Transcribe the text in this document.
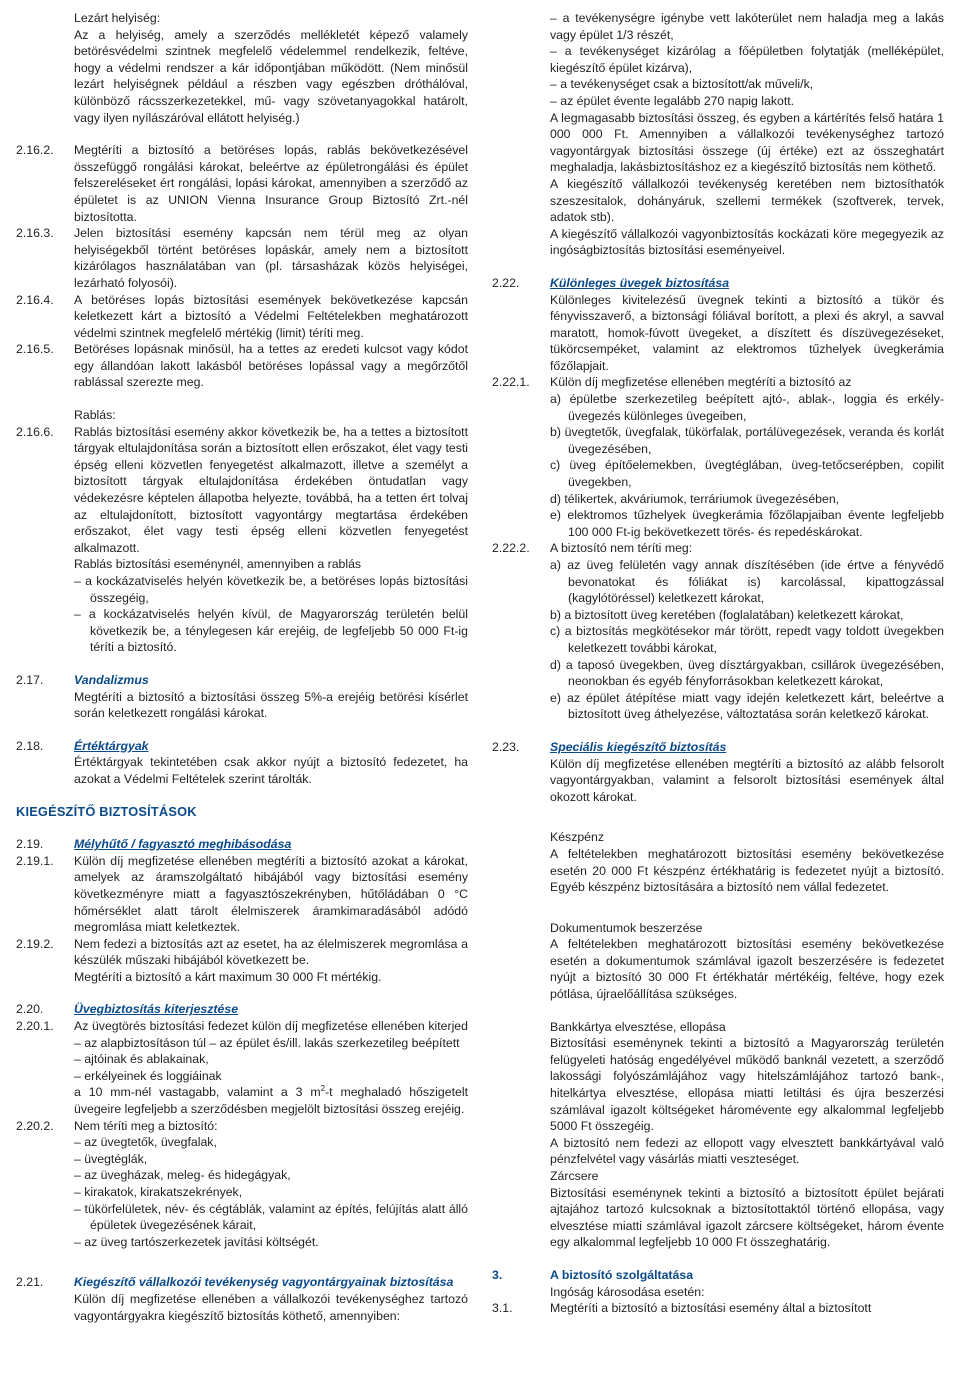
Lezárt helyiség:
Az a helyiség, amely a szerződés mellékletét képező valamely betörésvédelmi szintnek megfelelő védelemmel rendelkezik, feltéve, hogy a védelmi rendszer a kár időpontjában működött. (Nem minősül lezárt helyiségnek például a részben vagy egészben dróthálóval, különböző rácsszerkezetekkel, mű- vagy szövetanyagokkal határolt, vagy ilyen nyílászáróval ellátott helyiség.)
2.16.2. Megtéríti a biztosító a betöréses lopás, rablás bekövetkezésével összefüggő rongálási károkat, beleértve az épületrongálási és épület felszereléseket ért rongálási, lopási károkat, amennyiben a szerződő az épületet is az UNION Vienna Insurance Group Biztosító Zrt.-nél biztosította.
2.16.3. Jelen biztosítási esemény kapcsán nem térül meg az olyan helyiségekből történt betöréses lopáskár, amely nem a biztosított kizárólagos használatában van (pl. társasházak közös helyiségei, lezárható folyosói).
2.16.4. A betöréses lopás biztosítási események bekövetkezése kapcsán keletkezett kárt a biztosító a Védelmi Feltételekben meghatározott védelmi szintnek megfelelő mértékig (limit) téríti meg.
2.16.5. Betöréses lopásnak minősül, ha a tettes az eredeti kulcsot vagy kódot egy állandóan lakott lakásból betöréses lopással vagy a megőrzőtől rablással szerezte meg.
Rablás:
2.16.6. Rablás biztosítási esemény akkor következik be, ha a tettes a biztosított tárgyak eltulajdonítása során a biztosított ellen erőszakot, élet vagy testi épség elleni közvetlen fenyegetést alkalmazott, illetve a személyt a biztosított tárgyak eltulajdonítása érdekében öntudatlan vagy védekezésre képtelen állapotba helyezte, továbbá, ha a tetten ért tolvaj az eltulajdonított, biztosított vagyontárgy megtartása érdekében erőszakot, élet vagy testi épség elleni közvetlen fenyegetést alkalmazott.
Rablás biztosítási eseménynél, amennyiben a rablás
– a kockázatviselés helyén következik be, a betöréses lopás biztosítási összegéig,
– a kockázatviselés helyén kívül, de Magyarország területén belül következik be, a ténylegesen kár erejéig, de legfeljebb 50 000 Ft-ig téríti a biztosító.
2.17. Vandalizmus
Megtéríti a biztosító a biztosítási összeg 5%-a erejéig betörési kísérlet során keletkezett rongálási károkat.
2.18. Értéktárgyak
Értéktárgyak tekintetében csak akkor nyújt a biztosító fedezetet, ha azokat a Védelmi Feltételek szerint tárolták.
KIEGÉSZÍTŐ BIZTOSÍTÁSOK
2.19. Mélyhűtő / fagyasztó meghibásodása
2.19.1. Külön díj megfizetése ellenében megtéríti a biztosító azokat a károkat, amelyek az áramszolgáltató hibájából vagy biztosítási esemény következményre miatt a fagyasztószekrényben, hűtőládában 0 °C hőmérséklet alatt tárolt élelmiszerek áramkimaradásából adódó megromlása miatt keletkeztek.
2.19.2. Nem fedezi a biztosítás azt az esetet, ha az élelmiszerek megromlása a készülék műszaki hibájából következett be.
Megtéríti a biztosító a kárt maximum 30 000 Ft mértékig.
2.20. Üvegbiztosítás kiterjesztése
2.20.1. Az üvegtörés biztosítási fedezet külön díj megfizetése ellenében kiterjed – az alapbiztosításon túl – az épület és/ill. lakás szerkezetileg beépített
– ajtóinak és ablakainak,
– erkélyeinek és loggiáinak
a 10 mm-nél vastagabb, valamint a 3 $m^2-t$ meghaladó hőszigetelt üvegeire legfeljebb a szerződésben megjelölt biztosítási összeg erejéig.
2.20.2. Nem téríti meg a biztosító:
– az üvegtetők, üvegfalak,
– üvegtéglák,
– az üvegházak, meleg- és hidegágyak,
– kirakatok, kirakatszekrények,
– tükörfelületek, név- és cégtáblák, valamint az építés, felújítás alatt álló épületek üvegezésének kárait,
– az üveg tartószerkezetek javítási költségét.
2.21. Kiegészítő vállalkozói tevékenység vagyontárgyainak biztosítása
Külön díj megfizetése ellenében a vállalkozói tevékenységhez tartozó vagyontárgyakra kiegészítő biztosítás köthető, amennyiben:
– a tevékenységre igénybe vett lakóterület nem haladja meg a lakás vagy épület 1/3 részét,
– a tevékenységet kizárólag a főépületben folytatják (melléképület, kiegészítő épület kizárva),
– a tevékenységet csak a biztosított/ak műveli/k,
– az épület évente legalább 270 napig lakott.
A legmagasabb biztosítási összeg, és egyben a kártérítés felső határa 1 000 000 Ft. Amennyiben a vállalkozói tevékenységhez tartozó vagyontárgyak biztosítási összege (új értéke) ezt az összeghatárt meghaladja, lakásbiztosításhoz ez a kiegészítő biztosítás nem köthető.
A kiegészítő vállalkozói tevékenység keretében nem biztosíthatók szeszesitalok, dohányáruk, szellemi termékek (szoftverek, tervek, adatok stb).
A kiegészítő vállalkozói vagyonbiztosítás kockázati köre megegyezik az ingóságbiztosítás biztosítási eseményeivel.
2.22. Különleges üvegek biztosítása
Különleges kivitelezésű üvegnek tekinti a biztosító a tükör és fényvisszaverő, a biztonsági fóliával borított, a plexi és akryl, a savval maratott, homok-fúvott üvegeket, a díszített és díszüvegezéseket, tükörcsempéket, valamint az elektromos tűzhelyek üvegkerámia főzőlapjait.
2.22.1. Külön díj megfizetése ellenében megtéríti a biztosító az
a) épületbe szerkezetileg beépített ajtó-, ablak-, loggia és erkély-üvegezés különleges üvegeiben,
b) üvegtetők, üvegfalak, tükörfalak, portálüvegezések, veranda és korlát üvegezésében,
c) üveg építőelemekben, üvegtéglában, üveg-tetőcserépben, copilit üvegekben,
d) télikertek, akváriumok, terráriumok üvegezésében,
e) elektromos tűzhelyek üvegkerámia főzőlapjaiban évente legfeljebb 100 000 Ft-ig bekövetkezett törés- és repedéskárokat.
2.22.2. A biztosító nem téríti meg:
a) az üveg felületén vagy annak díszítésében (ide értve a fényvédő bevonatokat és fóliákat is) karcolással, kipattogzással (kagylótöréssel) keletkezett károkat,
b) a biztosított üveg keretében (foglalatában) keletkezett károkat,
c) a biztosítás megkötésekor már törött, repedt vagy toldott üvegekben keletkezett további károkat,
d) a taposó üvegekben, üveg dísztárgyakban, csillárok üvegezésében, neonokban és egyéb fényforrásokban keletkezett károkat,
e) az épület átépítése miatt vagy idején keletkezett kárt, beleértve a biztosított üveg áthelyezése, változtatása során keletkező károkat.
2.23. Speciális kiegészítő biztosítás
Külön díj megfizetése ellenében megtéríti a biztosító az alább felsorolt vagyontárgyakban, valamint a felsorolt biztosítási események által okozott károkat.
Készpénz
A feltételekben meghatározott biztosítási esemény bekövetkezése esetén 20 000 Ft készpénz értékhatárig is fedezetet nyújt a biztosító. Egyéb készpénz biztosítására a biztosító nem vállal fedezetet.
Dokumentumok beszerzése
A feltételekben meghatározott biztosítási esemény bekövetkezése esetén a dokumentumok számlával igazolt beszerzésére is fedezetet nyújt a biztosító 30 000 Ft értékhatár mértékéig, feltéve, hogy ezek pótlása, újraelőállítása szükséges.
Bankkártya elvesztése, ellopása
Biztosítási eseménynek tekinti a biztosító a Magyarország területén felügyeleti hatóság engedélyével működő banknál vezetett, a szerződő lakossági folyószámlájához vagy hitelszámlájához tartozó bank-, hitelkártya elvesztése, ellopása miatti letiltási és újra beszerzési számlával igazolt költségeket háromévente egy alkalommal legfeljebb 5000 Ft összegéig.
A biztosító nem fedezi az ellopott vagy elvesztett bankkártyával való pénzfelvétel vagy vásárlás miatti veszteséget.
Zárcsere
Biztosítási eseménynek tekinti a biztosító a biztosított épület bejárati ajtajához tartozó kulcsoknak a biztosítottaktól történő ellopása, vagy elvesztése miatti számlával igazolt zárcsere költségeket, három évente egy alkalommal legfeljebb 10 000 Ft összeghatárig.
3.	A biztosító szolgáltatása
Ingóság károsodása esetén:
3.1.	Megtéríti a biztosító a biztosítási esemény által a biztosított
